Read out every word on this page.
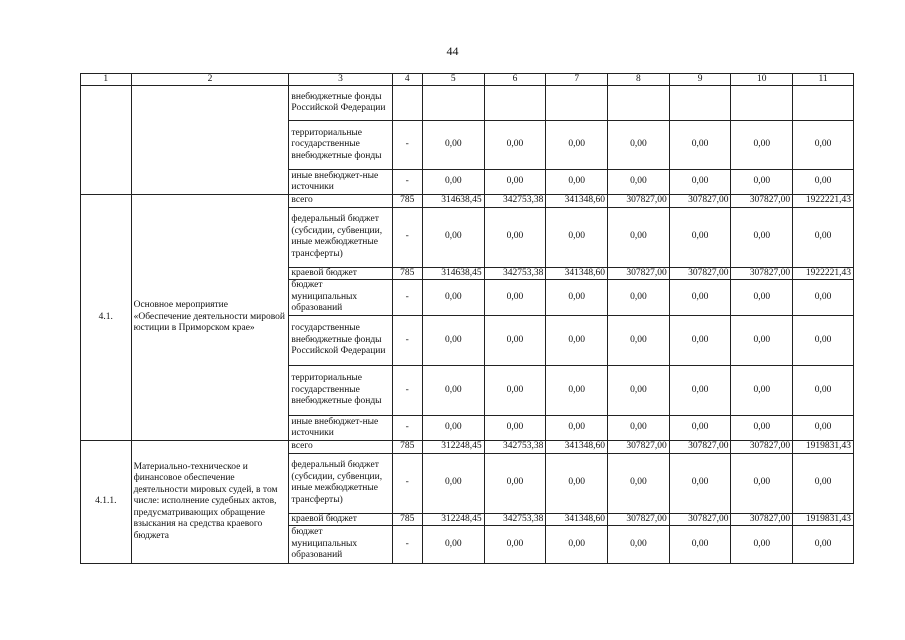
44
1	2	3	4	5	6	7	8	9	10	11
		внебюджетные фонды Российской Федерации								
		территориальные государственные внебюджетные фонды	-	0,00	0,00	0,00	0,00	0,00	0,00	0,00
		иные внебюджет-ные источники	-	0,00	0,00	0,00	0,00	0,00	0,00	0,00
4.1.	Основное мероприятие «Обеспечение деятельности мировой юстиции в Приморском крае»	всего	785	314638,45	342753,38	341348,60	307827,00	307827,00	307827,00	1922221,43
		федеральный бюджет (субсидии, субвенции, иные межбюджетные трансферты)	-	0,00	0,00	0,00	0,00	0,00	0,00	0,00
		краевой бюджет	785	314638,45	342753,38	341348,60	307827,00	307827,00	307827,00	1922221,43
		бюджет муниципальных образований	-	0,00	0,00	0,00	0,00	0,00	0,00	0,00
		государственные внебюджетные фонды Российской Федерации	-	0,00	0,00	0,00	0,00	0,00	0,00	0,00
		территориальные государственные внебюджетные фонды	-	0,00	0,00	0,00	0,00	0,00	0,00	0,00
		иные внебюджет-ные источники	-	0,00	0,00	0,00	0,00	0,00	0,00	0,00
4.1.1.	Материально-техническое и финансовое обеспечение деятельности мировых судей, в том числе: исполнение судебных актов, предусматривающих обращение взыскания на средства краевого бюджета	всего	785	312248,45	342753,38	341348,60	307827,00	307827,00	307827,00	1919831,43
		федеральный бюджет (субсидии, субвенции, иные межбюджетные трансферты)	-	0,00	0,00	0,00	0,00	0,00	0,00	0,00
		краевой бюджет	785	312248,45	342753,38	341348,60	307827,00	307827,00	307827,00	1919831,43
		бюджет муниципальных образований	-	0,00	0,00	0,00	0,00	0,00	0,00	0,00
